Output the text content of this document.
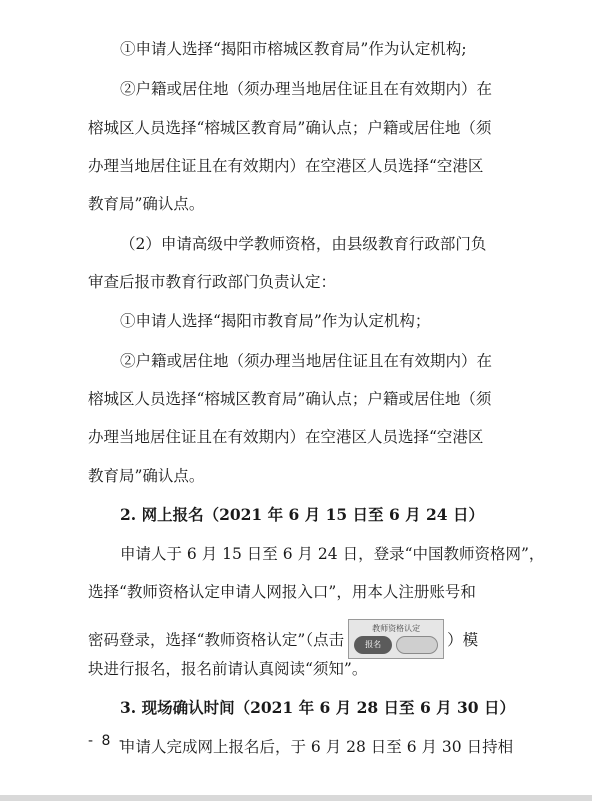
①申请人选择“揭阳市榕城区教育局”作为认定机构;
②户籍或居住地（须办理当地居住证且在有效期内）在
榕城区人员选择“榕城区教育局”确认点；户籍或居住地（须
办理当地居住证且在有效期内）在空港区人员选择“空港区
教育局”确认点。
（2）申请高级中学教师资格，由县级教育行政部门负
审查后报市教育行政部门负责认定：
①申请人选择“揭阳市教育局”作为认定机构；
②户籍或居住地（须办理当地居住证且在有效期内）在
榕城区人员选择“榕城区教育局”确认点；户籍或居住地（须
办理当地居住证且在有效期内）在空港区人员选择“空港区
教育局”确认点。
2. 网上报名（2021 年 6 月 15 日至 6 月 24 日）
申请人于 6 月 15 日至 6 月 24 日，登录“中国教师资格网”，
选择“教师资格认定申请人网报入口”，用本人注册账号和
密码登录，选择“教师资格认定”（点击
教师资格认定
报名	）模
块进行报名，报名前请认真阅读“须知”。
3. 现场确认时间（2021 年 6 月 28 日至 6 月 30 日）
申请人完成网上报名后，于 6 月 28 日至 6 月 30 日持相
- 8 -
